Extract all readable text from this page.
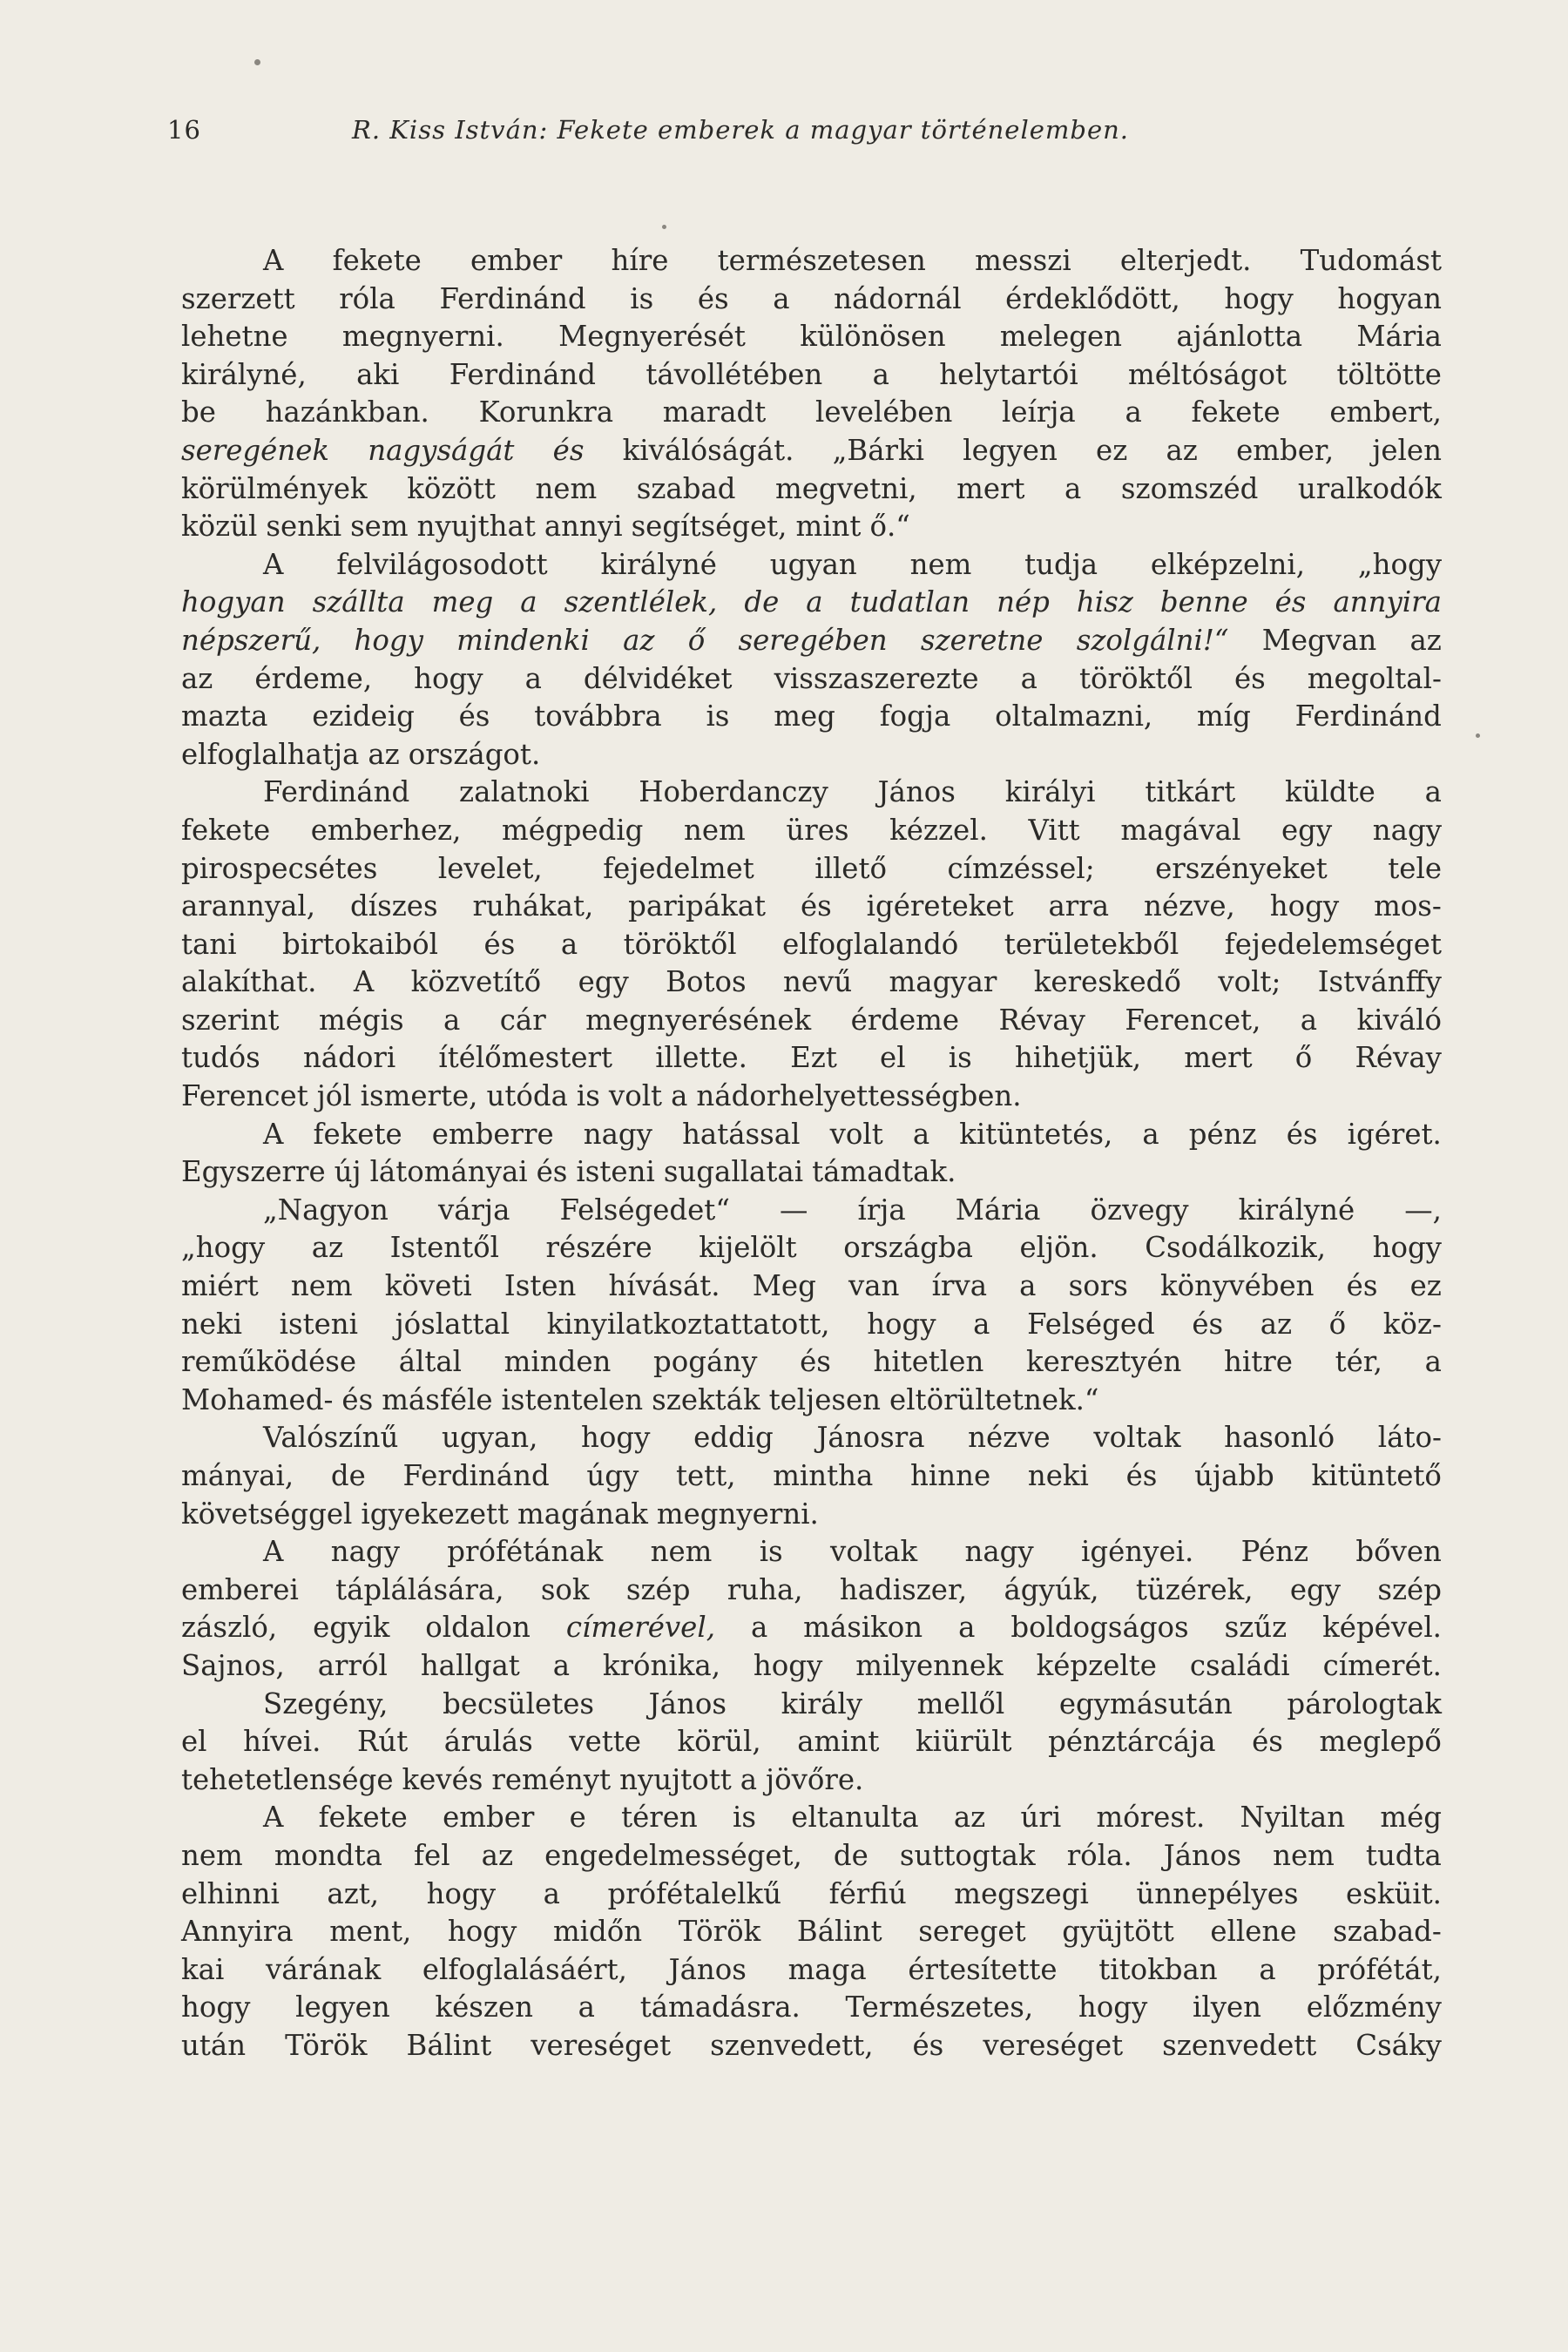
16	R. Kiss István: Fekete emberek a magyar történelemben.
A fekete ember híre természetesen messzi elterjedt. Tudomást
szerzett róla Ferdinánd is és a nádornál érdeklődött, hogy hogyan
lehetne megnyerni. Megnyerését különösen melegen ajánlotta Mária
királyné, aki Ferdinánd távollétében a helytartói méltóságot töltötte
be hazánkban. Korunkra maradt levelében leírja a fekete embert,
seregének nagyságát és kiválóságát. „Bárki legyen ez az ember, jelen
körülmények között nem szabad megvetni, mert a szomszéd uralkodók
közül senki sem nyujthat annyi segítséget, mint ő.“
A felvilágosodott királyné ugyan nem tudja elképzelni, „hogy
hogyan szállta meg a szentlélek, de a tudatlan nép hisz benne és annyira
népszerű, hogy mindenki az ő seregében szeretne szolgálni!“ Megvan az
az érdeme, hogy a délvidéket visszaszerezte a töröktől és megoltal-
mazta ezideig és továbbra is meg fogja oltalmazni, míg Ferdinánd
elfoglalhatja az országot.
Ferdinánd zalatnoki Hoberdanczy János királyi titkárt küldte a
fekete emberhez, mégpedig nem üres kézzel. Vitt magával egy nagy
pirospecsétes levelet, fejedelmet illető címzéssel; erszényeket tele
arannyal, díszes ruhákat, paripákat és igéreteket arra nézve, hogy mos-
tani birtokaiból és a töröktől elfoglalandó területekből fejedelemséget
alakíthat. A közvetítő egy Botos nevű magyar kereskedő volt; Istvánffy
szerint mégis a cár megnyerésének érdeme Révay Ferencet, a kiváló
tudós nádori ítélőmestert illette. Ezt el is hihetjük, mert ő Révay
Ferencet jól ismerte, utóda is volt a nádorhelyettességben.
A fekete emberre nagy hatással volt a kitüntetés, a pénz és igéret.
Egyszerre új látományai és isteni sugallatai támadtak.
„Nagyon várja Felségedet“ — írja Mária özvegy királyné —,
„hogy az Istentől részére kijelölt országba eljön. Csodálkozik, hogy
miért nem követi Isten hívását. Meg van írva a sors könyvében és ez
neki isteni jóslattal kinyilatkoztattatott, hogy a Felséged és az ő köz-
reműködése által minden pogány és hitetlen keresztyén hitre tér, a
Mohamed- és másféle istentelen szekták teljesen eltörültetnek.“
Valószínű ugyan, hogy eddig Jánosra nézve voltak hasonló láto-
mányai, de Ferdinánd úgy tett, mintha hinne neki és újabb kitüntető
követséggel igyekezett magának megnyerni.
A nagy prófétának nem is voltak nagy igényei. Pénz bőven
emberei táplálására, sok szép ruha, hadiszer, ágyúk, tüzérek, egy szép
zászló, egyik oldalon címerével, a másikon a boldogságos szűz képével.
Sajnos, arról hallgat a krónika, hogy milyennek képzelte családi címerét.
Szegény, becsületes János király mellől egymásután párologtak
el hívei. Rút árulás vette körül, amint kiürült pénztárcája és meglepő
tehetetlensége kevés reményt nyujtott a jövőre.
A fekete ember e téren is eltanulta az úri mórest. Nyiltan még
nem mondta fel az engedelmességet, de suttogtak róla. János nem tudta
elhinni azt, hogy a prófétalelkű férfiú megszegi ünnepélyes esküit.
Annyira ment, hogy midőn Török Bálint sereget gyüjtött ellene szabad-
kai várának elfoglalásáért, János maga értesítette titokban a prófétát,
hogy legyen készen a támadásra. Természetes, hogy ilyen előzmény
után Török Bálint vereséget szenvedett, és vereséget szenvedett Csáky
